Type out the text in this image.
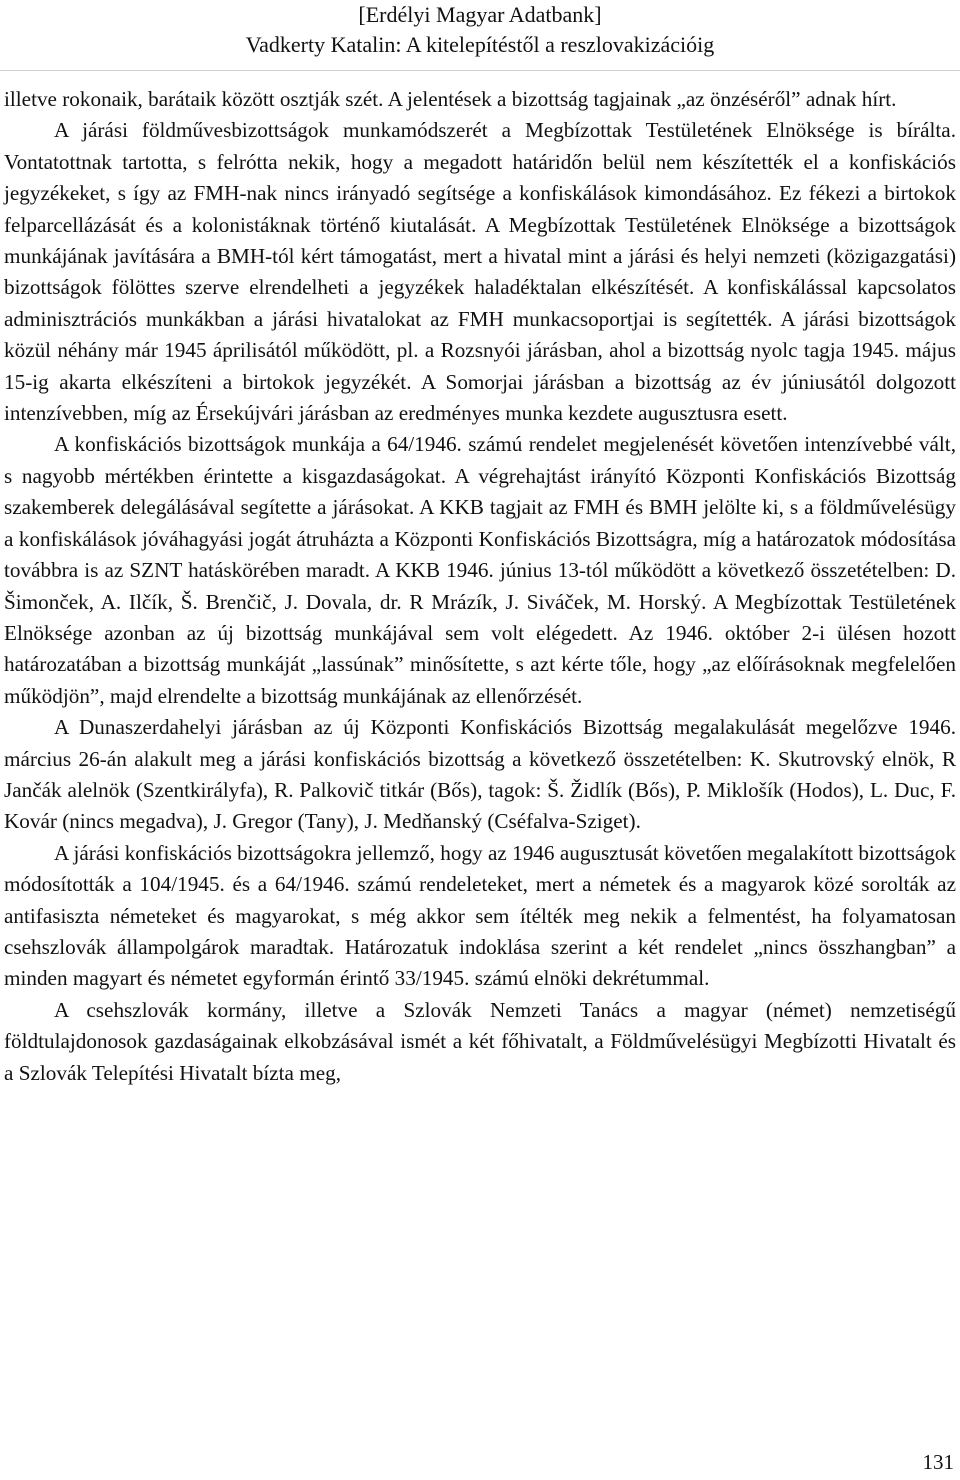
[Erdélyi Magyar Adatbank]
Vadkerty Katalin: A kitelepítéstől a reszlovakizációig

illetve rokonaik, barátaik között osztják szét. A jelentések a bizottság tagjainak „az önzéséről” adnak hírt.

A járási földművesbizottságok munkamódszerét a Megbízottak Testületének Elnöksége is bírálta. Vontatottnak tartotta, s felrótta nekik, hogy a megadott határidőn belül nem készítették el a konfiskációs jegyzékeket, s így az FMH-nak nincs irányadó segítsége a konfiskálások kimondásához. Ez fékezi a birtokok felparcellázását és a kolonistáknak történő kiutalását. A Megbízottak Testületének Elnöksége a bizottságok munkájának javítására a BMH-tól kért támogatást, mert a hivatal mint a járási és helyi nemzeti (közigazgatási) bizottságok fölöttes szerve elrendelheti a jegyzékek haladéktalan elkészítését. A konfiskálással kapcsolatos adminisztrációs munkákban a járási hivatalokat az FMH munkacsoportjai is segítették. A járási bizottságok közül néhány már 1945 áprilisától működött, pl. a Rozsnyói járásban, ahol a bizottság nyolc tagja 1945. május 15-ig akarta elkészíteni a birtokok jegyzékét. A Somorjai járásban a bizottság az év júniusától dolgozott intenzívebben, míg az Érsekújvári járásban az eredményes munka kezdete augusztusra esett.

A konfiskációs bizottságok munkája a 64/1946. számú rendelet megjelenését követően intenzívebbé vált, s nagyobb mértékben érintette a kisgazdaságokat. A végrehajtást irányító Központi Konfiskációs Bizottság szakemberek delegálásával segítette a járásokat. A KKB tagjait az FMH és BMH jelölte ki, s a földművelésügy a konfiskálások jóváhagyási jogát átruházta a Központi Konfiskációs Bizottságra, míg a határozatok módosítása továbbra is az SZNT hatáskörében maradt. A KKB 1946. június 13-tól működött a következő összetételben: D. Šimonček, A. Ilčík, Š. Brenčič, J. Dovala, dr. R Mrázík, J. Siváček, M. Horský. A Megbízottak Testületének Elnöksége azonban az új bizottság munkájával sem volt elégedett. Az 1946. október 2-i ülésen hozott határozatában a bizottság munkáját „lassúnak” minősítette, s azt kérte tőle, hogy „az előírásoknak megfelelően működjön”, majd elrendelte a bizottság munkájának az ellenőrzését.

A Dunaszerdahelyi járásban az új Központi Konfiskációs Bizottság megalakulását megelőzve 1946. március 26-án alakult meg a járási konfiskációs bizottság a következő összetételben: K. Skutrovský elnök, R Jančák alelnök (Szentkirályfa), R. Palkovič titkár (Bős), tagok: Š. Židlík (Bős), P. Miklošík (Hodos), L. Duc, F. Kovár (nincs megadva), J. Gregor (Tany), J. Medňanský (Cséfalva-Sziget).

A járási konfiskációs bizottságokra jellemző, hogy az 1946 augusztusát követően megalakított bizottságok módosították a 104/1945. és a 64/1946. számú rendeleteket, mert a németek és a magyarok közé sorolták az antifasiszta németeket és magyarokat, s még akkor sem ítélték meg nekik a felmentést, ha folyamatosan csehszlovák állampolgárok maradtak. Határozatuk indoklása szerint a két rendelet „nincs összhangban” a minden magyart és németet egyformán érintő 33/1945. számú elnöki dekrétummal.

A csehszlovák kormány, illetve a Szlovák Nemzeti Tanács a magyar (német) nemzetiségű földtulajdonosok gazdaságainak elkobzásával ismét a két főhivatalt, a Földművelésügyi Megbízotti Hivatalt és a Szlovák Telepítési Hivatalt bízta meg,

131
